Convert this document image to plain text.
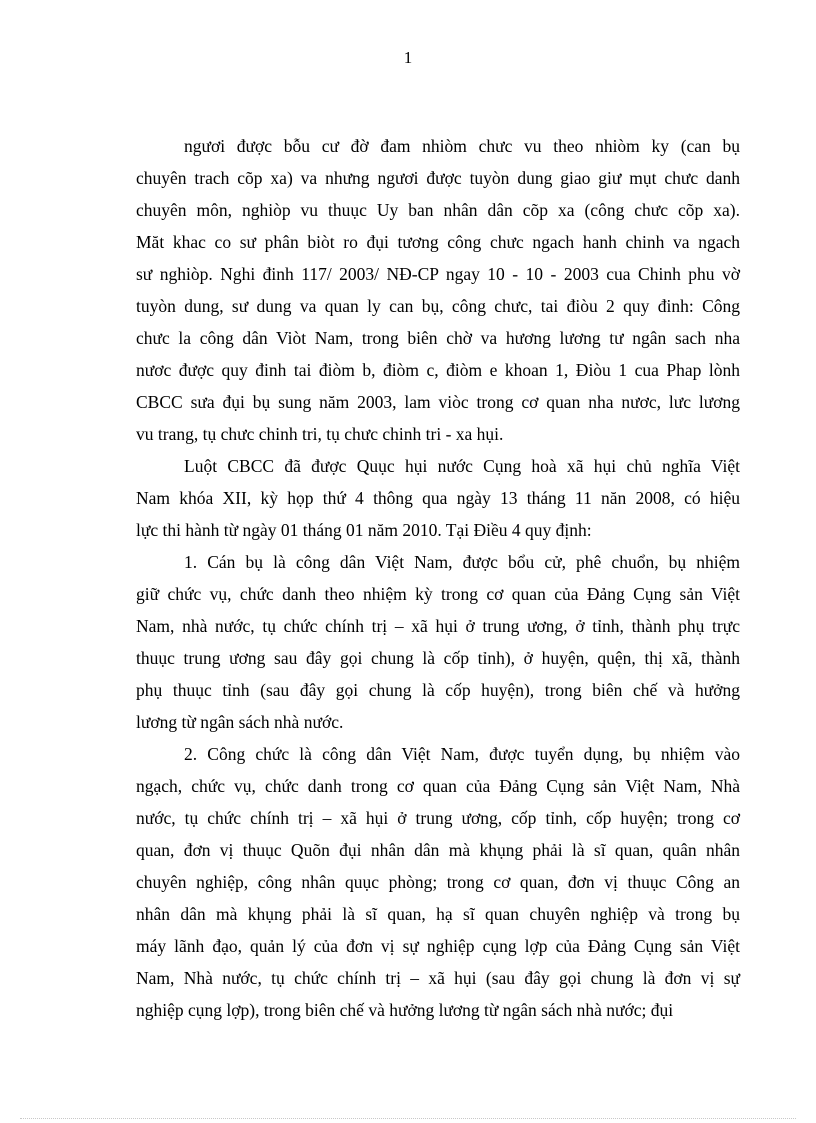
1
ngươi được bỗu cư đờ đam nhiòm chưc vu theo nhiòm ky (can bụ
chuyên trach cõp xa) va nhưng ngươi được tuyòn dung giao giư mụt chưc danh
chuyên môn, nghiòp vu thuục Uy ban nhân dân cõp xa (công chưc cõp xa).
Măt khac co sư phân biòt ro đụi tương công chưc ngach hanh chinh va ngach
sư nghiòp. Nghi đinh 117/ 2003/ NĐ-CP ngay 10 - 10 - 2003 cua Chinh phu vờ
tuyòn dung, sư dung va quan ly can bụ, công chưc, tai điòu 2 quy đinh: Công
chưc la công dân Viòt Nam, trong biên chờ va hương lương tư ngân sach nha
nươc được quy đinh tai điòm b, điòm c, điòm e khoan 1, Điòu 1 cua Phap lònh
CBCC sưa đụi bụ sung năm 2003, lam viòc trong cơ quan nha nươc, lưc lương
vu trang, tụ chưc chinh tri, tụ chưc chinh tri - xa hụi.
Luột CBCC đã được Quục hụi nước Cụng hoà xã hụi chủ nghĩa Việt
Nam khóa XII, kỳ họp thứ 4 thông qua ngày 13 tháng 11 năn 2008, có hiệu
lực thi hành từ ngày 01 tháng 01 năm 2010. Tại Điều 4 quy định:
1. Cán bụ là công dân Việt Nam, được bổu cử, phê chuổn, bụ nhiệm
giữ chức vụ, chức danh theo nhiệm kỳ trong cơ quan của Đảng Cụng sản Việt
Nam, nhà nước, tụ chức chính trị – xã hụi ở trung ương, ở tỉnh, thành phụ trực
thuục trung ương sau đây gọi chung là cốp tỉnh), ở huyện, quện, thị xã, thành
phụ thuục tỉnh (sau đây gọi chung là cốp huyện), trong biên chế và hưởng
lương từ ngân sách nhà nước.
2. Công chức là công dân Việt Nam, được tuyển dụng, bụ nhiệm vào
ngạch, chức vụ, chức danh trong cơ quan của Đảng Cụng sản Việt Nam, Nhà
nước, tụ chức chính trị – xã hụi ở trung ương, cốp tỉnh, cốp huyện; trong cơ
quan, đơn vị thuục Quõn đụi nhân dân mà khụng phải là sĩ quan, quân nhân
chuyên nghiệp, công nhân quục phòng; trong cơ quan, đơn vị thuục Công an
nhân dân mà khụng phải là sĩ quan, hạ sĩ quan chuyên nghiệp và trong bụ
máy lãnh đạo, quản lý của đơn vị sự nghiệp cụng lợp của Đảng Cụng sản Việt
Nam, Nhà nước, tụ chức chính trị – xã hụi (sau đây gọi chung là đơn vị sự
nghiệp cụng lợp), trong biên chế và hưởng lương từ ngân sách nhà nước; đụi
